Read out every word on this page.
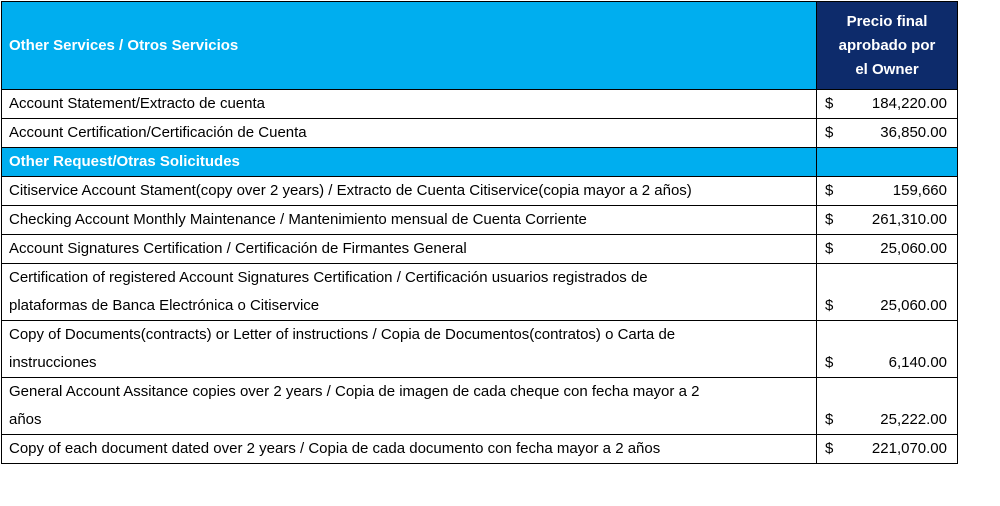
Other Services / Otros Servicios	Precio final
aprobado por
el Owner

Account Statement/Extracto de cuenta	$ 184,220.00

Account Certification/Certificación de Cuenta	$ 36,850.00

Other Request/Otras Solicitudes	
Citiservice Account Stament(copy over 2 years) / Extracto de Cuenta Citiservice(copia mayor a 2 años)	$ 159,660

Checking Account Monthly Maintenance / Mantenimiento mensual de Cuenta Corriente	$ 261,310.00

Account Signatures Certification / Certificación de Firmantes General	$ 25,060.00

Certification of registered Account Signatures Certification / Certificación usuarios registrados de
plataformas de Banca Electrónica o Citiservice	$ 25,060.00

Copy of Documents(contracts) or Letter of instructions / Copia de Documentos(contratos) o Carta de
instrucciones	$ 6,140.00

General Account Assitance copies over 2 years / Copia de imagen de cada cheque con fecha mayor a 2
años	$ 25,222.00

Copy of each document dated over 2 years / Copia de cada documento con fecha mayor a 2 años	$ 221,070.00
